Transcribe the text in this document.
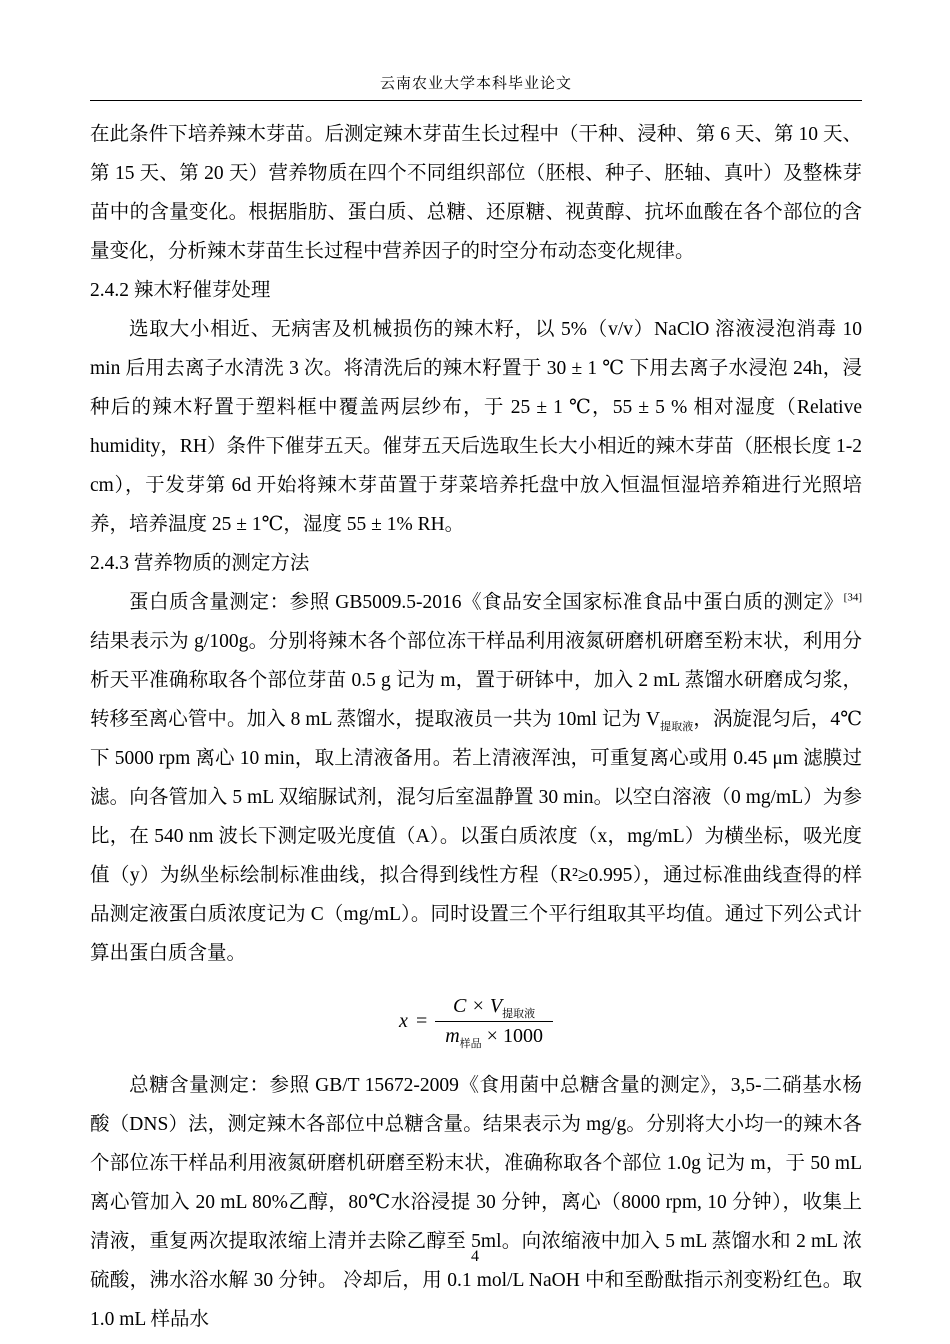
云南农业大学本科毕业论文

在此条件下培养辣木芽苗。后测定辣木芽苗生长过程中（干种、浸种、第 6 天、第 10 天、第 15 天、第 20 天）营养物质在四个不同组织部位（胚根、种子、胚轴、真叶）及整株芽苗中的含量变化。根据脂肪、蛋白质、总糖、还原糖、视黄醇、抗坏血酸在各个部位的含量变化，分析辣木芽苗生长过程中营养因子的时空分布动态变化规律。

2.4.2 辣木籽催芽处理

选取大小相近、无病害及机械损伤的辣木籽，以 5%（v/v）NaClO 溶液浸泡消毒 10 min 后用去离子水清洗 3 次。将清洗后的辣木籽置于 30 ± 1 ℃ 下用去离子水浸泡 24h，浸种后的辣木籽置于塑料框中覆盖两层纱布，于 25 ± 1 ℃，55 ± 5 % 相对湿度（Relative humidity，RH）条件下催芽五天。催芽五天后选取生长大小相近的辣木芽苗（胚根长度 1-2 cm），于发芽第 6d 开始将辣木芽苗置于芽菜培养托盘中放入恒温恒湿培养箱进行光照培养，培养温度 25 ± 1℃，湿度 55 ± 1% RH。

2.4.3 营养物质的测定方法

蛋白质含量测定：参照 GB5009.5-2016《食品安全国家标准食品中蛋白质的测定》[34]结果表示为 g/100g。分别将辣木各个部位冻干样品利用液氮研磨机研磨至粉末状，利用分析天平准确称取各个部位芽苗 0.5 g 记为 m，置于研钵中，加入 2 mL 蒸馏水研磨成匀浆，转移至离心管中。加入 8 mL 蒸馏水，提取液员一共为 10ml 记为 $V_{提取液}$，涡旋混匀后，4℃下 5000 rpm 离心 10 min，取上清液备用。若上清液浑浊，可重复离心或用 0.45 μm 滤膜过滤。向各管加入 5 mL 双缩脲试剂，混匀后室温静置 30 min。以空白溶液（0 mg/mL）为参比，在 540 nm 波长下测定吸光度值（A）。以蛋白质浓度（x，mg/mL）为横坐标，吸光度值（y）为纵坐标绘制标准曲线，拟合得到线性方程（R²≥0.995），通过标准曲线查得的样品测定液蛋白质浓度记为 C（mg/mL）。同时设置三个平行组取其平均值。通过下列公式计算出蛋白质含量。

$x = \frac{C \times V_{提取液}}{m_{样品} \times 1000}$

总糖含量测定：参照 GB/T 15672-2009《食用菌中总糖含量的测定》，3,5-二硝基水杨酸（DNS）法，测定辣木各部位中总糖含量。结果表示为 mg/g。分别将大小均一的辣木各个部位冻干样品利用液氮研磨机研磨至粉末状，准确称取各个部位 1.0g 记为 m，于 50 mL 离心管加入 20 mL 80%乙醇，80℃水浴浸提 30 分钟，离心（8000 rpm, 10 分钟），收集上清液，重复两次提取浓缩上清并去除乙醇至 5ml。向浓缩液中加入 5 mL 蒸馏水和 2 mL 浓硫酸，沸水浴水解 30 分钟。 冷却后，用 0.1 mol/L NaOH 中和至酚酞指示剂变粉红色。取 1.0 mL 样品水

4
